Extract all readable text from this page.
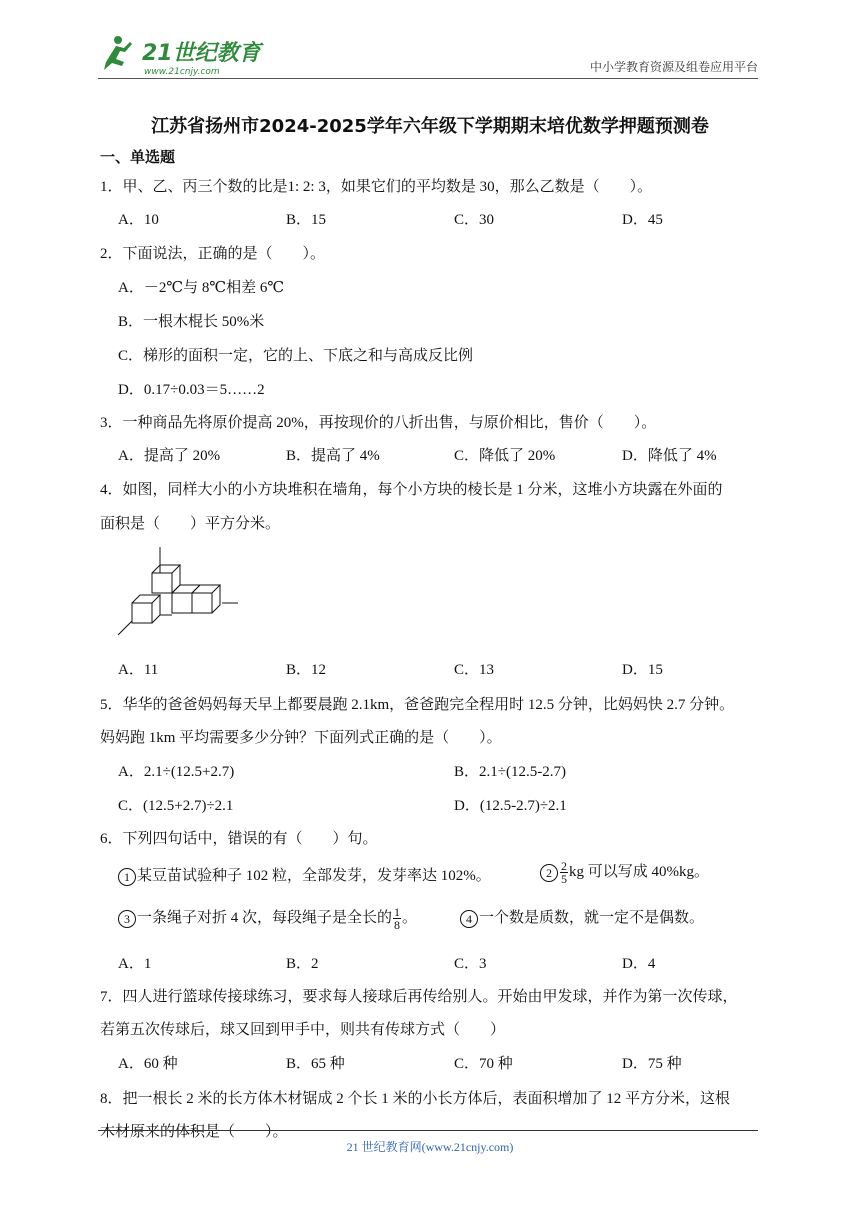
21世纪教育
www.21cnjy.com	中小学教育资源及组卷应用平台
江苏省扬州市2024-2025学年六年级下学期期末培优数学押题预测卷
一、单选题
1．甲、乙、丙三个数的比是1: 2: 3，如果它们的平均数是 30，那么乙数是（　　）。
A．10	B．15	C．30	D．45
2．下面说法，正确的是（　　）。
A．－2℃与 8℃相差 6℃
B．一根木棍长 50%米
C．梯形的面积一定，它的上、下底之和与高成反比例
D．0.17÷0.03＝5……2
3．一种商品先将原价提高 20%，再按现价的八折出售，与原价相比，售价（　　）。
A．提高了 20%	B．提高了 4%	C．降低了 20%	D．降低了 4%
4．如图，同样大小的小方块堆积在墙角，每个小方块的棱长是 1 分米，这堆小方块露在外面的
面积是（　　）平方分米。
A．11	B．12	C．13	D．15
5．华华的爸爸妈妈每天早上都要晨跑 2.1km，爸爸跑完全程用时 12.5 分钟，比妈妈快 2.7 分钟。
妈妈跑 1km 平均需要多少分钟？下面列式正确的是（　　）。
A．2.1÷(12.5+2.7)	B．2.1÷(12.5-2.7)
C．(12.5+2.7)÷2.1	D．(12.5-2.7)÷2.1
6．下列四句话中，错误的有（　　）句。
1 某豆苗试验种子 102 粒，全部发芽，发芽率达 102%。	$2 \frac{2}{5}$ kg 可以写成 40%kg。
3 一条绳子对折 4 次，每段绳子是全长的 $\frac{1}{8}$ 。	4 一个数是质数，就一定不是偶数。
A．1	B．2	C．3	D．4
7．四人进行篮球传接球练习，要求每人接球后再传给别人。开始由甲发球，并作为第一次传球，
若第五次传球后，球又回到甲手中，则共有传球方式（　　）
A．60 种	B．65 种	C．70 种	D．75 种
8．把一根长 2 米的长方体木材锯成 2 个长 1 米的小长方体后，表面积增加了 12 平方分米，这根
木材原来的体积是（　　）。
21 世纪教育网(www.21cnjy.com)
